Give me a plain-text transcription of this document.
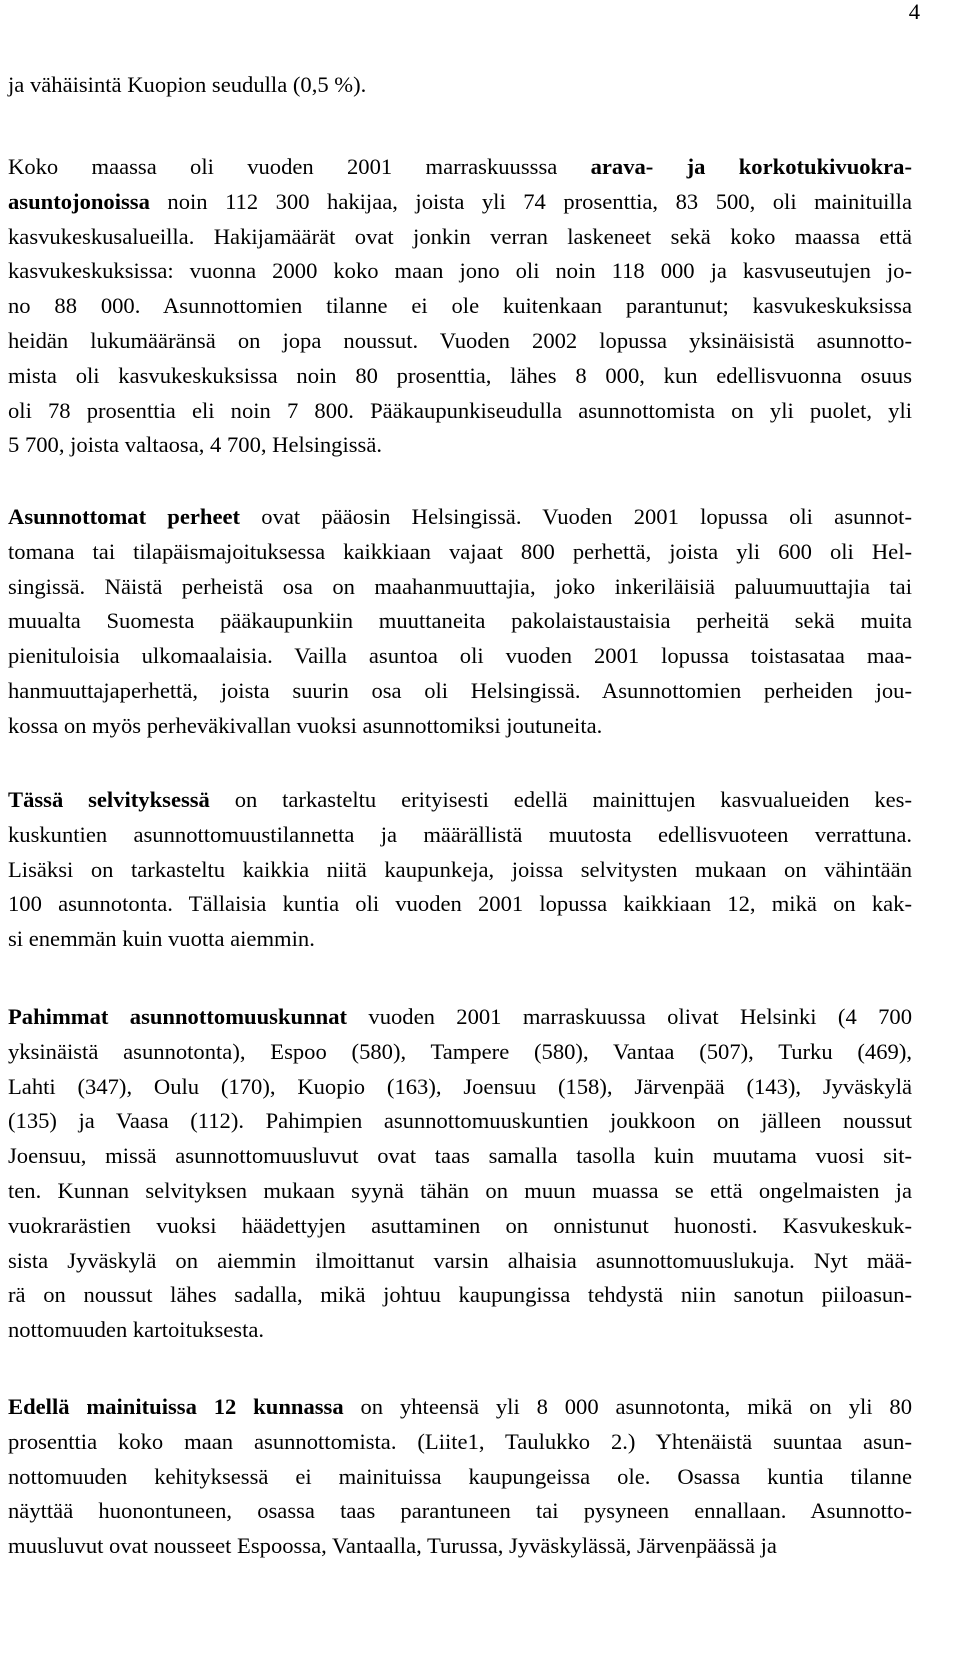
4
ja vähäisintä Kuopion seudulla (0,5 %).
Koko maassa oli vuoden 2001 marraskuusssa arava- ja korkotukivuokra-
asuntojonoissa noin 112 300 hakijaa, joista yli 74 prosenttia, 83 500, oli mainituilla
kasvukeskusalueilla. Hakijamäärät ovat jonkin verran laskeneet sekä koko maassa että
kasvukeskuksissa: vuonna 2000 koko maan jono oli noin 118 000 ja kasvuseutujen jo-
no 88 000. Asunnottomien tilanne ei ole kuitenkaan parantunut; kasvukeskuksissa
heidän lukumääränsä on jopa noussut. Vuoden 2002 lopussa yksinäisistä asunnotto-
mista oli kasvukeskuksissa noin 80 prosenttia, lähes 8 000, kun edellisvuonna osuus
oli 78 prosenttia eli noin 7 800. Pääkaupunkiseudulla asunnottomista on yli puolet, yli
5 700, joista valtaosa, 4 700, Helsingissä.
Asunnottomat perheet ovat pääosin Helsingissä. Vuoden 2001 lopussa oli asunnot-
tomana tai tilapäismajoituksessa kaikkiaan vajaat 800 perhettä, joista yli 600 oli Hel-
singissä. Näistä perheistä osa on maahanmuuttajia, joko inkeriläisiä paluumuuttajia tai
muualta Suomesta pääkaupunkiin muuttaneita pakolaistaustaisia perheitä sekä muita
pienituloisia ulkomaalaisia. Vailla asuntoa oli vuoden 2001 lopussa toistasataa maa-
hanmuuttajaperhettä, joista suurin osa oli Helsingissä. Asunnottomien perheiden jou-
kossa on myös perheväkivallan vuoksi asunnottomiksi joutuneita.
Tässä selvityksessä on tarkasteltu erityisesti edellä mainittujen kasvualueiden kes-
kuskuntien asunnottomuustilannetta ja määrällistä muutosta edellisvuoteen verrattuna.
Lisäksi on tarkasteltu kaikkia niitä kaupunkeja, joissa selvitysten mukaan on vähintään
100 asunnotonta. Tällaisia kuntia oli vuoden 2001 lopussa kaikkiaan 12, mikä on kak-
si enemmän kuin vuotta aiemmin.
Pahimmat asunnottomuuskunnat vuoden 2001 marraskuussa olivat Helsinki (4 700
yksinäistä asunnotonta), Espoo (580), Tampere (580), Vantaa (507), Turku (469),
Lahti (347), Oulu (170), Kuopio (163), Joensuu (158), Järvenpää (143), Jyväskylä
(135) ja Vaasa (112). Pahimpien asunnottomuuskuntien joukkoon on jälleen noussut
Joensuu, missä asunnottomuusluvut ovat taas samalla tasolla kuin muutama vuosi sit-
ten. Kunnan selvityksen mukaan syynä tähän on muun muassa se että ongelmaisten ja
vuokrarästien vuoksi häädettyjen asuttaminen on onnistunut huonosti. Kasvukeskuk-
sista Jyväskylä on aiemmin ilmoittanut varsin alhaisia asunnottomuuslukuja. Nyt mää-
rä on noussut lähes sadalla, mikä johtuu kaupungissa tehdystä niin sanotun piiloasun-
nottomuuden kartoituksesta.
Edellä mainituissa 12 kunnassa on yhteensä yli 8 000 asunnotonta, mikä on yli 80
prosenttia koko maan asunnottomista. (Liite1, Taulukko 2.) Yhtenäistä suuntaa asun-
nottomuuden kehityksessä ei mainituissa kaupungeissa ole. Osassa kuntia tilanne
näyttää huonontuneen, osassa taas parantuneen tai pysyneen ennallaan. Asunnotto-
muusluvut ovat nousseet Espoossa, Vantaalla, Turussa, Jyväskylässä, Järvenpäässä ja
